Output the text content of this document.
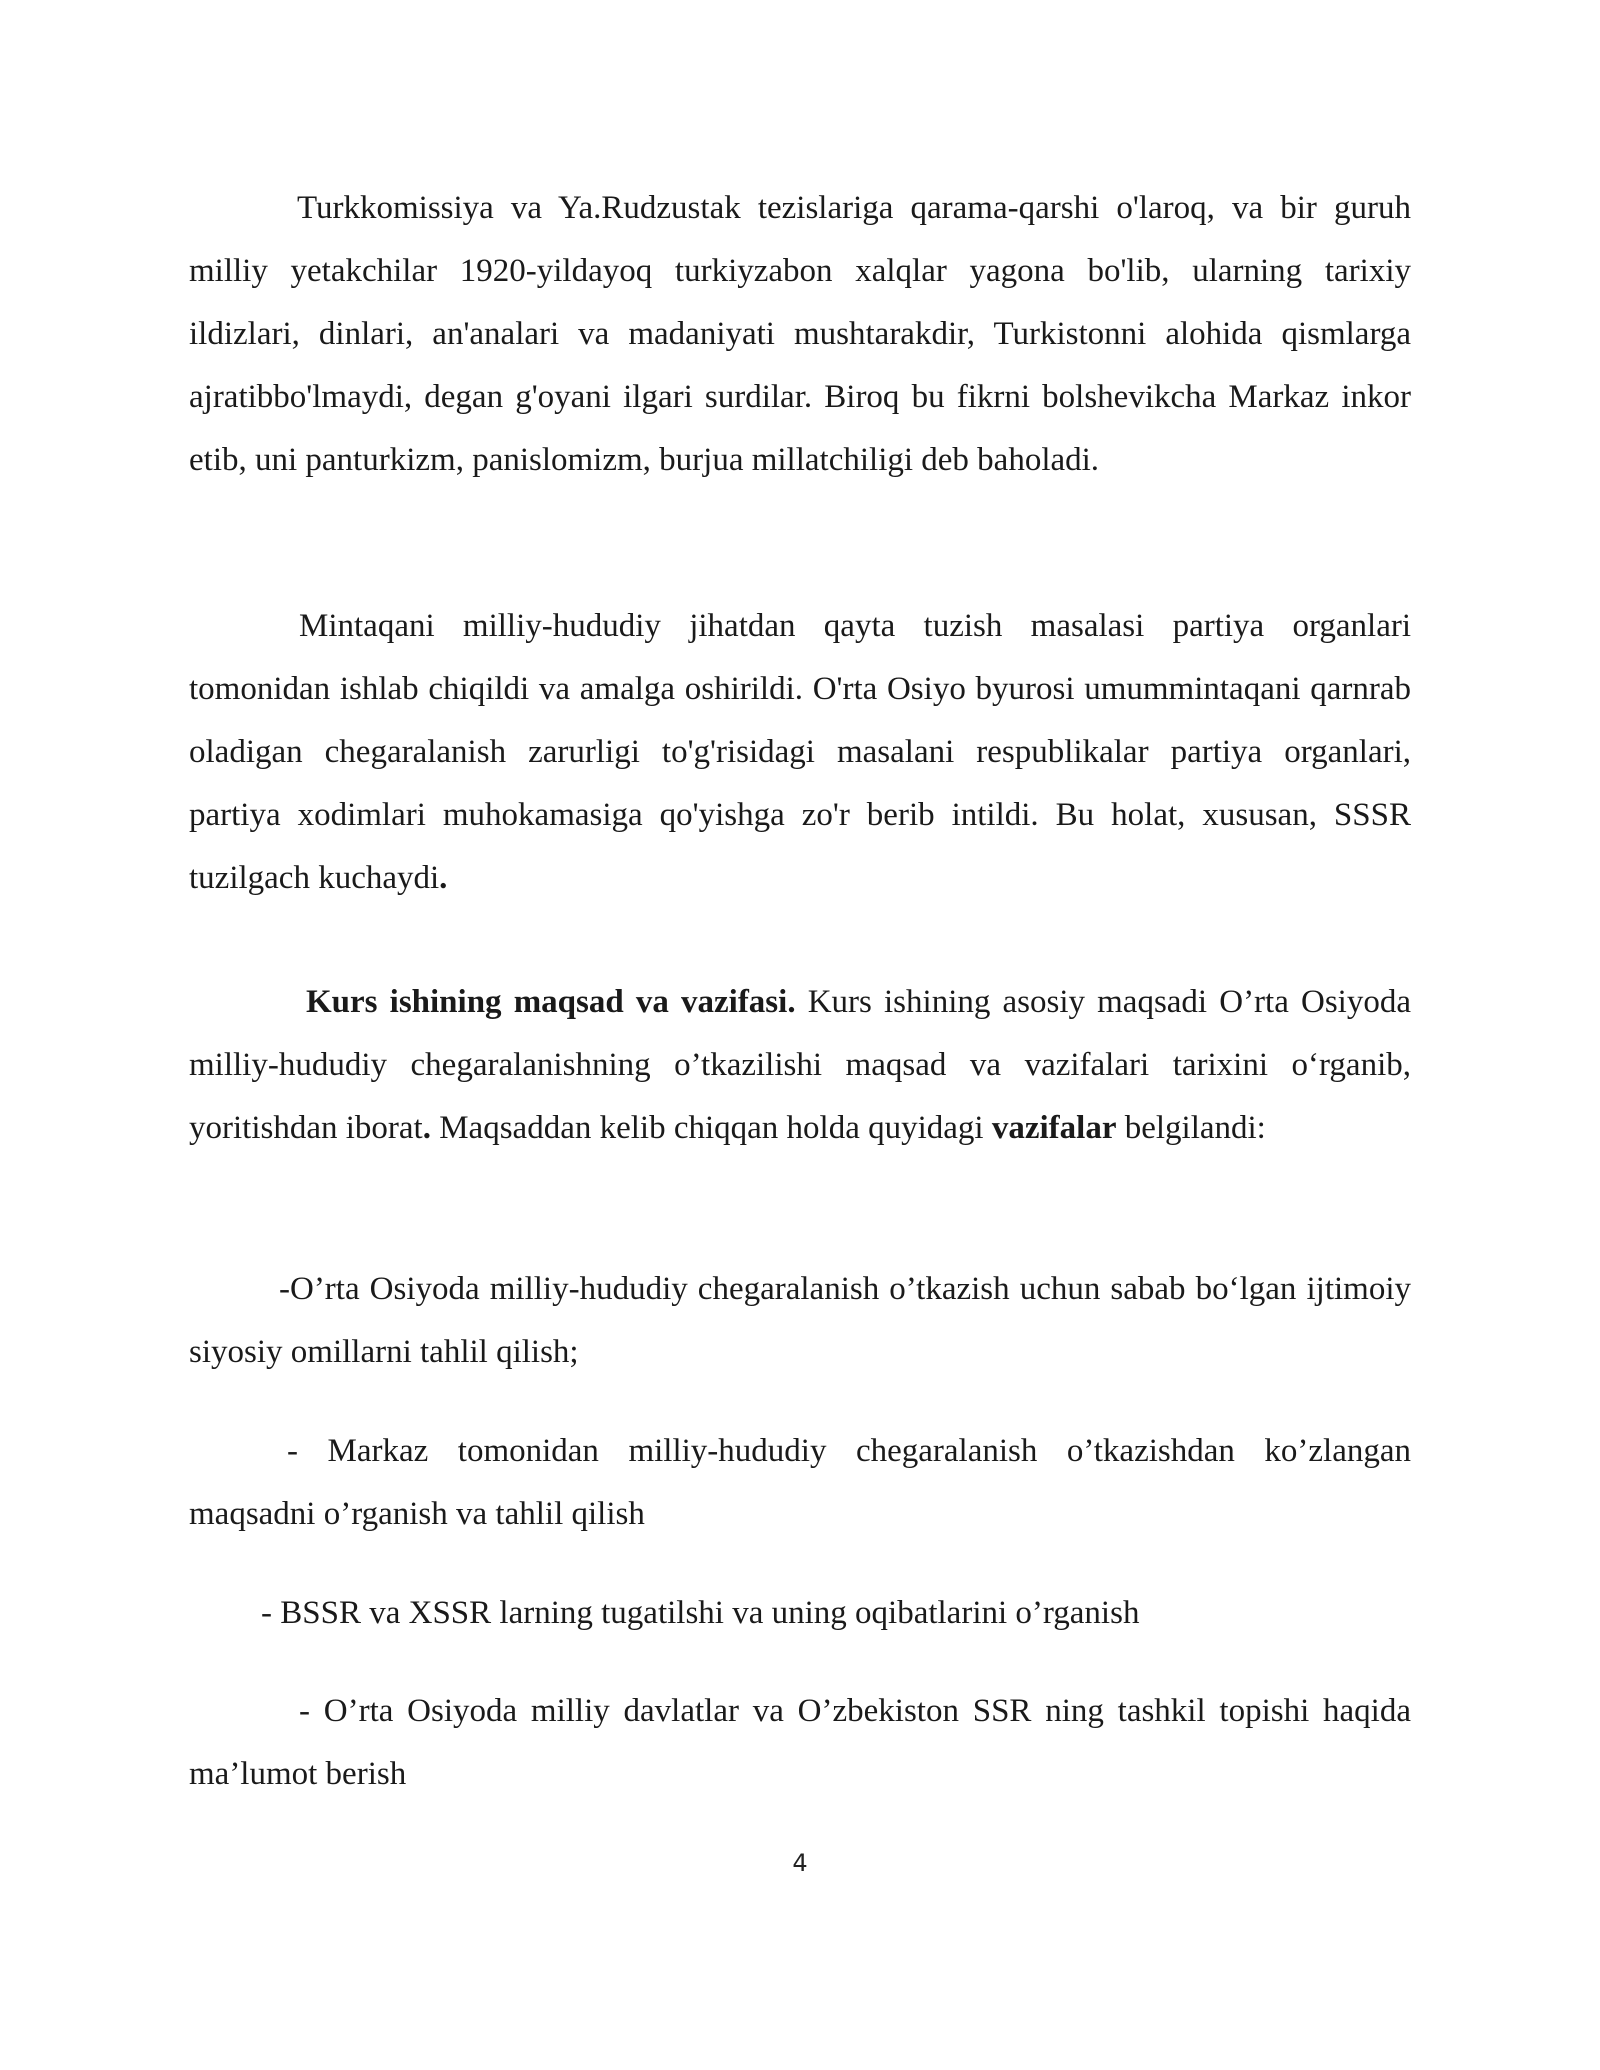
Turkkomissiya va Ya.Rudzustak tezislariga qarama-qarshi o'laroq, va bir guruh milliy yetakchilar 1920-yildayoq turkiyzabon xalqlar yagona bo'lib, ularning tarixiy ildizlari, dinlari, an'analari va madaniyati mushtarakdir, Turkistonni alohida qismlarga ajratibbo'lmaydi, degan g'oyani ilgari surdilar. Biroq bu fikrni bolshevikcha Markaz inkor etib, uni panturkizm, panislomizm, burjua millatchiligi deb baholadi.

Mintaqani milliy-hududiy jihatdan qayta tuzish masalasi partiya organlari tomonidan ishlab chiqildi va amalga oshirildi. O'rta Osiyo byurosi umummintaqani qarnrab oladigan chegaralanish zarurligi to'g'risidagi masalani respublikalar partiya organlari, partiya xodimlari muhokamasiga qo'yishga zo'r berib intildi. Bu holat, xususan, SSSR tuzilgach kuchaydi.

Kurs ishining maqsad va vazifasi. Kurs ishining asosiy maqsadi O’rta Osiyoda milliy-hududiy chegaralanishning o’tkazilishi maqsad va vazifalari tarixini o‘rganib, yoritishdan iborat. Maqsaddan kelib chiqqan holda quyidagi vazifalar belgilandi:

-O’rta Osiyoda milliy-hududiy chegaralanish o’tkazish uchun sabab bo‘lgan ijtimoiy siyosiy omillarni tahlil qilish;

- Markaz tomonidan milliy-hududiy chegaralanish o’tkazishdan ko’zlangan maqsadni o’rganish va tahlil qilish

- BSSR va XSSR larning tugatilshi va uning oqibatlarini o’rganish

- O’rta Osiyoda milliy davlatlar va O’zbekiston SSR ning tashkil topishi haqida ma’lumot berish

4
